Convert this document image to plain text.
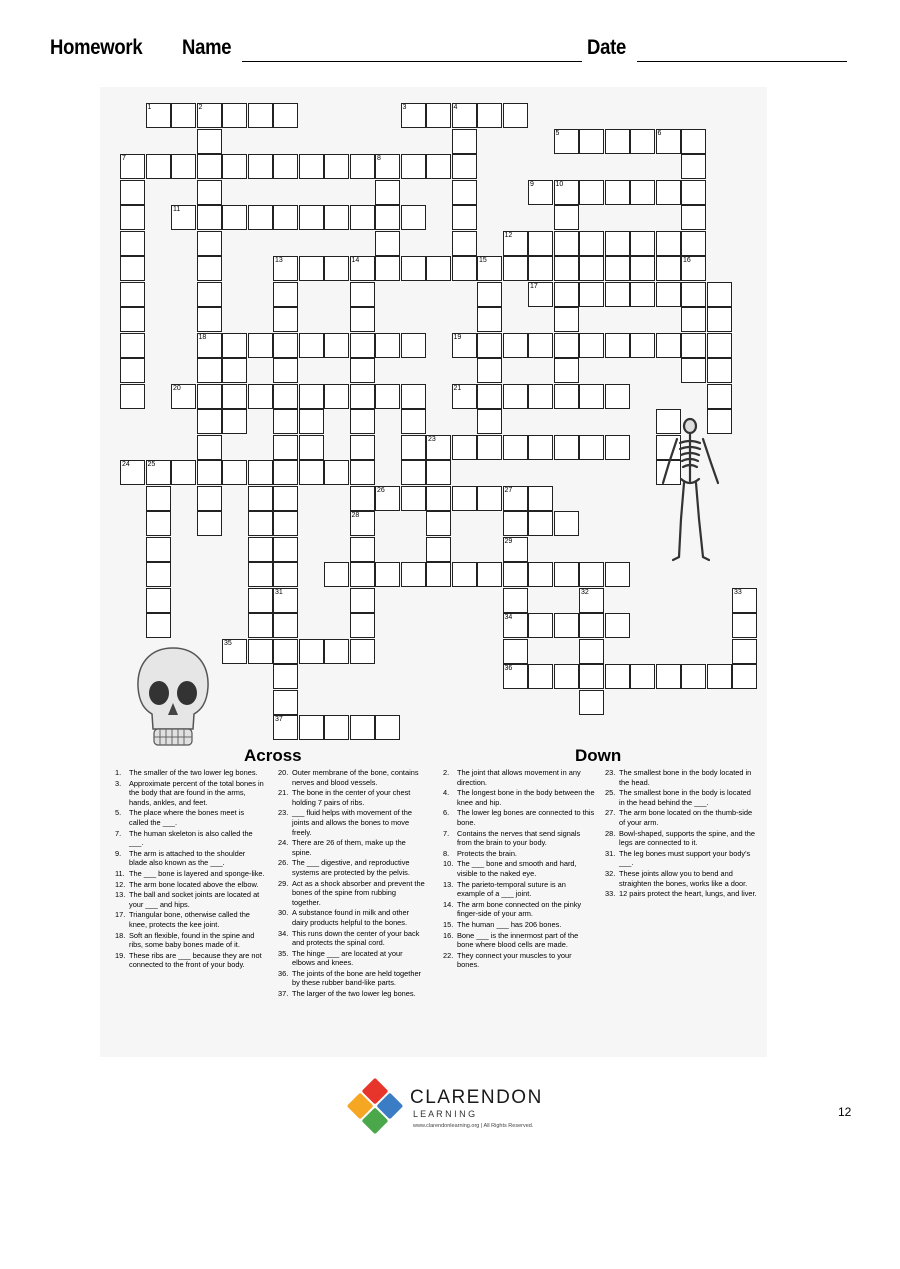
Homework Name	Date
1	2	3	4
5	6
7	8
9	10
11
12
13	14	15	16
17
18	19
20	21
23
24	25
26	27
34
35
36
37
31
28
29
32	33
Across	Down
1. The smaller of the two lower leg bones.
3. Approximate percent of the total bones in the body that are found in the arms, hands, ankles, and feet.
5. The place where the bones meet is called the ___.
7. The human skeleton is also called the ___.
9. The arm is attached to the shoulder blade also known as the ___.
11. The ___ bone is layered and sponge-like.
12. The arm bone located above the elbow.
13. The ball and socket joints are located at your ___ and hips.
17. Triangular bone, otherwise called the knee, protects the kee joint.
18. Soft an flexible, found in the spine and ribs, some baby bones made of it.
19. These ribs are ___ because they are not connected to the front of your body.
20. Outer membrane of the bone, contains nerves and blood vessels.
21. The bone in the center of your chest holding 7 pairs of ribs.
23. ___ fluid helps with movement of the joints and allows the bones to move freely.
24. There are 26 of them, make up the spine.
26. The ___ digestive, and reproductive systems are protected by the pelvis.
29. Act as a shock absorber and prevent the bones of the spine from rubbing together.
30. A substance found in milk and other dairy products helpful to the bones.
34. This runs down the center of your back and protects the spinal cord.
35. The hinge ___ are located at your elbows and knees.
36. The joints of the bone are held together by these rubber band-like parts.
37. The larger of the two lower leg bones.
2. The joint that allows movement in any direction.
4. The longest bone in the body between the knee and hip.
6. The lower leg bones are connected to this bone.
7. Contains the nerves that send signals from the brain to your body.
8. Protects the brain.
10. The ___ bone and smooth and hard, visible to the naked eye.
13. The parieto-temporal suture is an example of a ___ joint.
14. The arm bone connected on the pinky finger-side of your arm.
15. The human ___ has 206 bones.
16. Bone ___ is the innermost part of the bone where blood cells are made.
22. They connect your muscles to your bones.
23. The smallest bone in the body located in the head.
25. The smallest bone in the body is located in the head behind the ___.
27. The arm bone located on the thumb-side of your arm.
28. Bowl-shaped, supports the spine, and the legs are connected to it.
31. The leg bones must support your body's ___.
32. These joints allow you to bend and straighten the bones, works like a door.
33. 12 pairs protect the heart, lungs, and liver.
CLARENDON
L E A R N I N G
www.clarendonlearning.org | All Rights Reserved.
12
